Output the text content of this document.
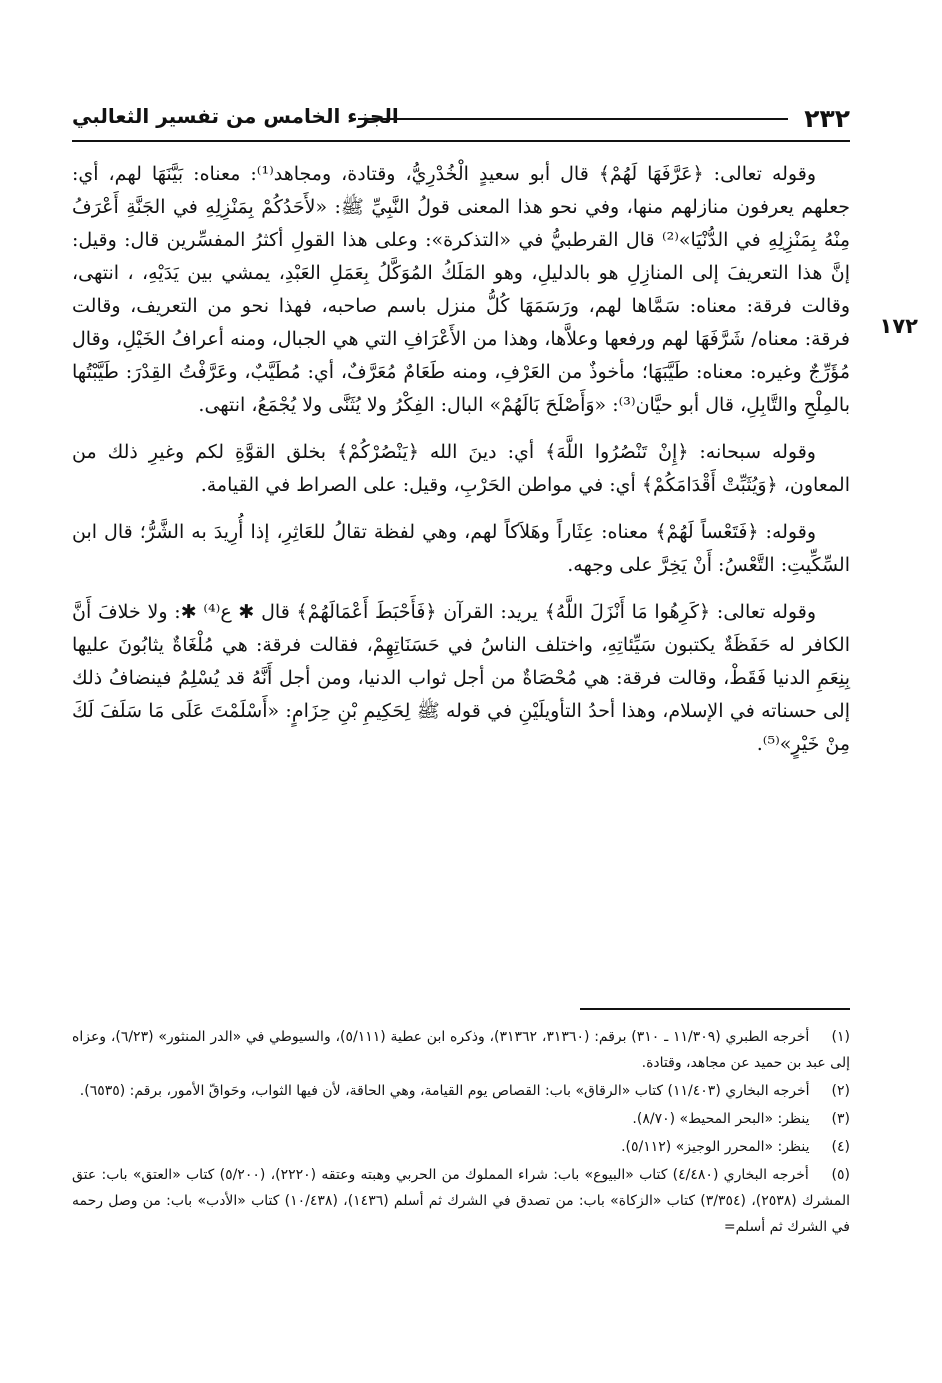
٢٣٢
الجزء الخامس من تفسير الثعالبي
١٧٢

وقوله تعالى: ﴿عَرَّفَهَا لَهُمْ﴾ قال أبو سعيدٍ الْخُدْرِيُّ، وقتادة، ومجاهد⁽¹⁾: معناه: بَيَّنَهَا لهم، أي: جعلهم يعرفون منازلهم منها، وفي نحو هذا المعنى قولُ النَّبِيِّ ﷺ: «لأَحَدُكُمْ بِمَنْزِلِهِ في الجَنَّةِ أَعْرَفُ مِنْهُ بِمَنْزِلِهِ في الدُّنْيَا»⁽²⁾ قال القرطبيُّ في «التذكرة»: وعلى هذا القولِ أكثرُ المفسِّرين قال: وقيل: إنَّ هذا التعريفَ إلى المنازِلِ هو بالدليلِ، وهو المَلَكُ المُوَكَّلُ بِعَمَلِ العَبْدِ، يمشي بين يَدَيْهِ، ، انتهى، وقالت فرقة: معناه: سَمَّاها لهم، ورَسَمَهَا كُلُّ منزل باسم صاحبه، فهذا نحو من التعريف، وقالت فرقة: معناه/ شَرَّفَهَا لهم ورفعها وعلاَّها، وهذا من الأَعْرَافِ التي هي الجبال، ومنه أعرافُ الخَيْلِ، وقال مُؤَرِّجٌ وغيره: معناه: طَيَّبَهَا؛ مأخوذٌ من العَرْفِ، ومنه طَعَامٌ مُعَرَّفٌ، أي: مُطَيَّبٌ، وعَرَّفْتُ القِدْرَ: طَيَّبْتُها بالمِلْحِ والتَّابِلِ، قال أبو حيَّان⁽³⁾: «وَأَصْلَحَ بَالَهُمْ» البال: الفِكْرُ ولا يُثَنَّى ولا يُجْمَعُ، انتهى.

وقوله سبحانه: ﴿إِنْ تَنْصُرُوا اللَّهَ﴾ أي: دينَ الله ﴿يَنْصُرْكُمْ﴾ بخلق القوَّةِ لكم وغيرِ ذلك من المعاون، ﴿وَيُثَبِّتْ أَقْدَامَكُمْ﴾ أي: في مواطن الحَرْبِ، وقيل: على الصراط في القيامة.

وقوله: ﴿فَتَعْساً لَهُمْ﴾ معناه: عِثَاراً وهَلاَكاً لهم، وهي لفظة تقالُ للعَاثِرِ، إذا أُرِيدَ به الشَّرُّ؛ قال ابن السِّكِّيتِ: التَّعْسُ: أَنْ يَخِرَّ على وجهه.

وقوله تعالى: ﴿كَرِهُوا مَا أَنْزَلَ اللَّهُ﴾ يريد: القرآن ﴿فَأَحْبَطَ أَعْمَالَهُمْ﴾ قال ✱ ع⁽⁴⁾ ✱: ولا خلافَ أَنَّ الكافر له حَفَظَةٌ يكتبون سَيِّئاتِهِ، واختلف الناسُ في حَسَنَاتِهِمْ، فقالت فرقة: هي مُلْغَاةٌ يثابُونَ عليها بِنِعَمِ الدنيا فَقَطْ، وقالت فرقة: هي مُحْصَاةٌ من أجل ثواب الدنيا، ومن أجل أَنَّهُ قد يُسْلِمُ فينضافُ ذلك إلى حسناته في الإسلام، وهذا أحدُ التأويلَيْنِ في قوله ﷺ لِحَكِيمِ بْنِ حِزَامٍ: «أَسْلَمْتَ عَلَى مَا سَلَفَ لَكَ مِنْ خَيْرٍ»⁽⁵⁾.

(١) أخرجه الطبري (١١/٣٠٩ ـ ٣١٠) برقم: (٣١٣٦٠، ٣١٣٦٢)، وذكره ابن عطية (٥/١١١)، والسيوطي في «الدر المنثور» (٦/٢٣)، وعزاه إلى عبد بن حميد عن مجاهد، وقتادة.

(٢) أخرجه البخاري (١١/٤٠٣) كتاب «الرقاق» باب: القصاص يوم القيامة، وهي الحاقة، لأن فيها الثواب، وحَواقّ الأمور، برقم: (٦٥٣٥).

(٣) ينظر: «البحر المحيط» (٨/٧٠).

(٤) ينظر: «المحرر الوجيز» (٥/١١٢).

(٥) أخرجه البخاري (٤/٤٨٠) كتاب «البيوع» باب: شراء المملوك من الحربي وهبته وعتقه (٢٢٢٠)، (٥/٢٠٠) كتاب «العتق» باب: عتق المشرك (٢٥٣٨)، (٣/٣٥٤) كتاب «الزكاة» باب: من تصدق في الشرك ثم أسلم (١٤٣٦)، (١٠/٤٣٨) كتاب «الأدب» باب: من وصل رحمه في الشرك ثم أسلم=
